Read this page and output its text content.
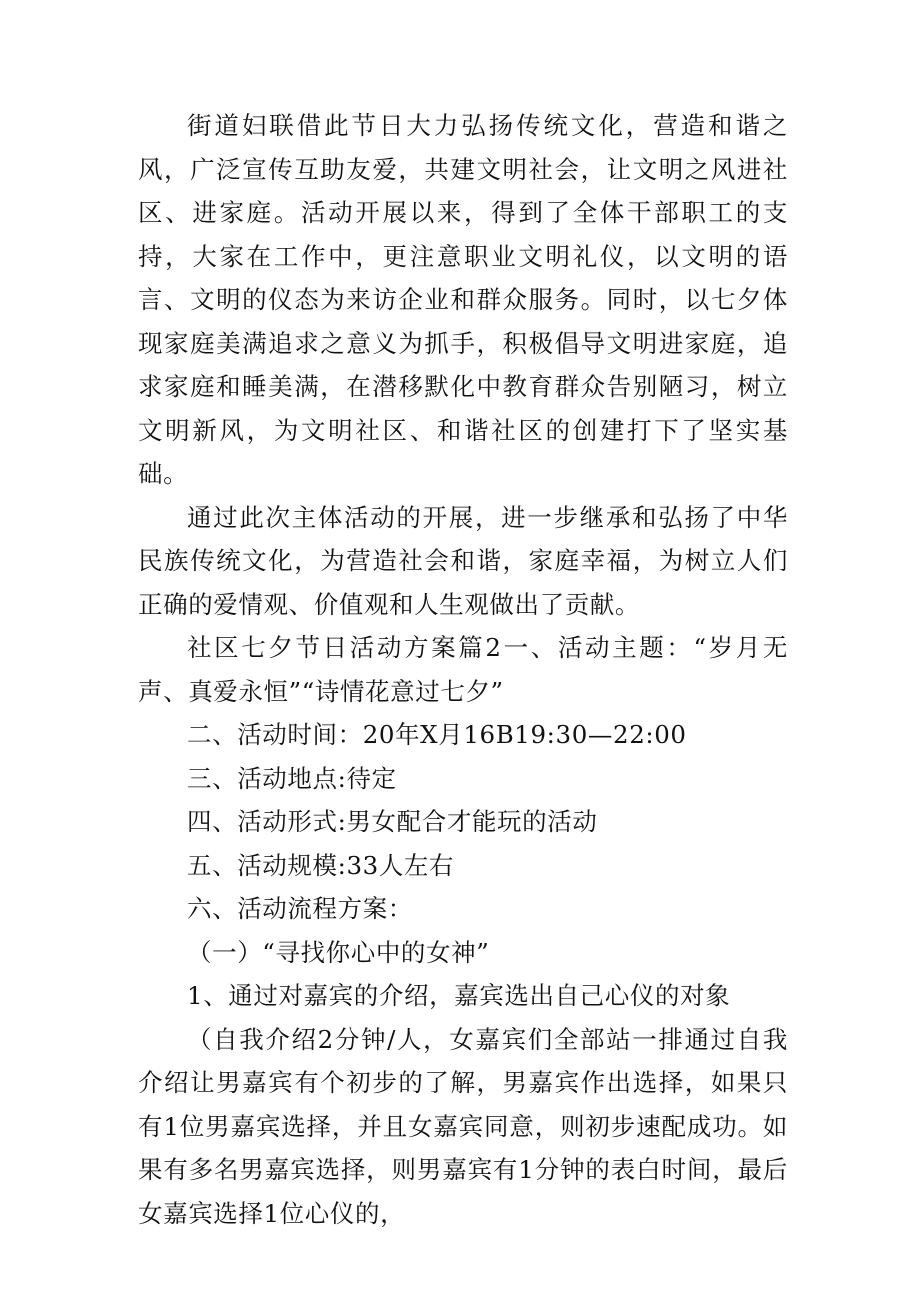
街道妇联借此节日大力弘扬传统文化，营造和谐之风，广泛宣传互助友爱，共建文明社会，让文明之风进社区、进家庭。活动开展以来，得到了全体干部职工的支持，大家在工作中，更注意职业文明礼仪，以文明的语言、文明的仪态为来访企业和群众服务。同时，以七夕体现家庭美满追求之意义为抓手，积极倡导文明进家庭，追求家庭和睡美满，在潜移默化中教育群众告别陋习，树立文明新风，为文明社区、和谐社区的创建打下了坚实基础。

通过此次主体活动的开展，进一步继承和弘扬了中华民族传统文化，为营造社会和谐，家庭幸福，为树立人们正确的爱情观、价值观和人生观做出了贡献。

社区七夕节日活动方案篇2一、活动主题：“岁月无声、真爱永恒”“诗情花意过七夕”

二、活动时间：20年X月16B19:30—22:00

三、活动地点:待定

四、活动形式:男女配合才能玩的活动

五、活动规模:33人左右

六、活动流程方案：

（一）“寻找你心中的女神”

1、通过对嘉宾的介绍，嘉宾选出自己心仪的对象

（自我介绍2分钟/人，女嘉宾们全部站一排通过自我介绍让男嘉宾有个初步的了解，男嘉宾作出选择，如果只有1位男嘉宾选择，并且女嘉宾同意，则初步速配成功。如果有多名男嘉宾选择，则男嘉宾有1分钟的表白时间，最后女嘉宾选择1位心仪的，
